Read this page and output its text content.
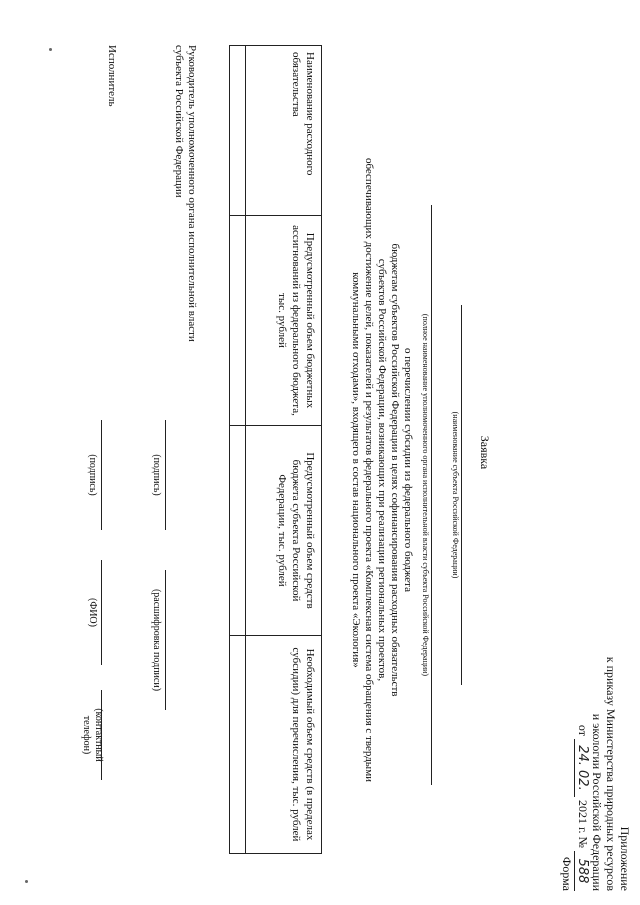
Приложение
к приказу Министерства природных ресурсов
и экологии Российской Федерации
от 24. 02. 2021 г. № 588
Форма
Заявка
(наименование субъекта Российской Федерации)
(полное наименование уполномоченного органа исполнительной власти субъекта Российской Федерации)
о перечислении субсидии из федерального бюджета
бюджетам субъектов Российской Федерации в целях софинансирования расходных обязательств
субъектов Российской Федерации, возникающих при реализации региональных проектов,
обеспечивающих достижение целей, показателей и результатов федерального проекта «Комплексная система обращения с твердыми
коммунальными отходами», входящего в состав национального проекта «Экология»
Наименование расходного обязательства	Предусмотренный объем бюджетных ассигнований из федерального бюджета, тыс. рублей	Предусмотренный объем средств бюджета субъекта Российской Федерации, тыс. рублей	Необходимый объем средств (в пределах субсидии) для перечисления, тыс. рублей

Руководитель уполномоченного органа исполнительной власти
субъекта Российской Федерации
(подпись)
(расшифровка подписи)
Исполнитель
(подпись)
(ФИО)
(контактный
телефон)
